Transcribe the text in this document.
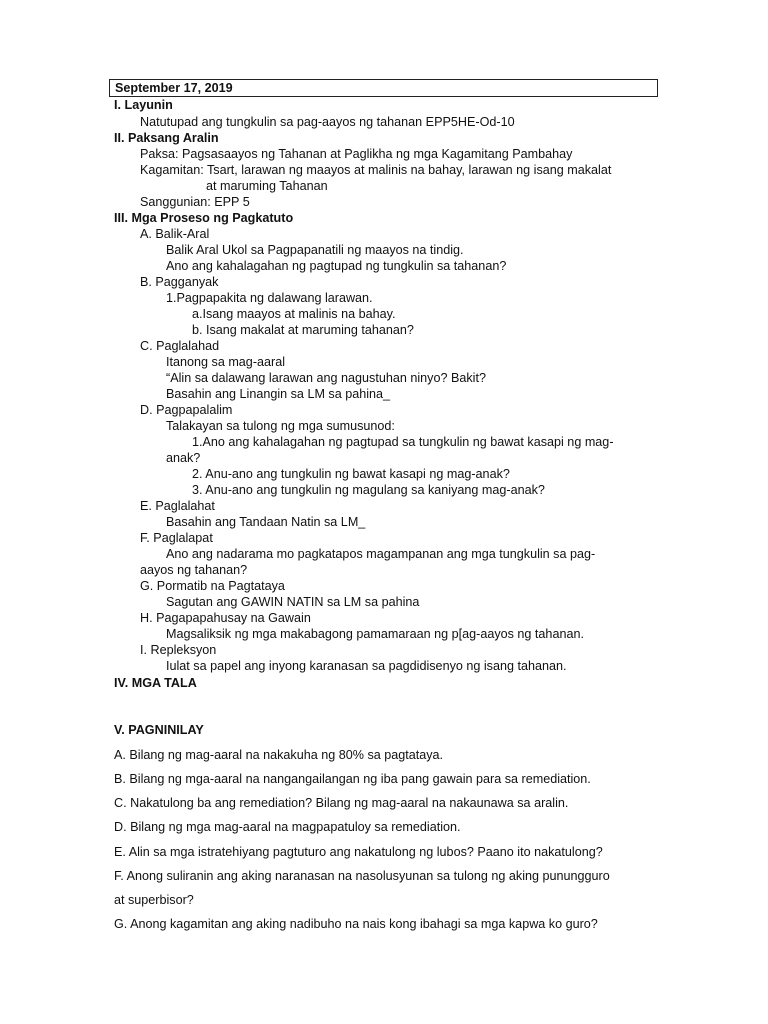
September 17, 2019
I. Layunin
Natutupad ang tungkulin sa pag-aayos ng tahanan EPP5HE-Od-10
II. Paksang Aralin
Paksa: Pagsasaayos ng Tahanan at Paglikha ng mga Kagamitang Pambahay
Kagamitan: Tsart, larawan ng maayos at malinis na bahay, larawan ng isang makalat
at maruming Tahanan
Sanggunian: EPP 5
III. Mga Proseso ng Pagkatuto
A. Balik-Aral
Balik Aral Ukol sa Pagpapanatili ng maayos na tindig.
Ano ang kahalagahan ng pagtupad ng tungkulin sa tahanan?
B. Pagganyak
1.Pagpapakita ng dalawang larawan.
a.Isang maayos at malinis na bahay.
b. Isang makalat at maruming tahanan?
C. Paglalahad
Itanong sa mag-aaral
“Alin sa dalawang larawan ang nagustuhan ninyo? Bakit?
Basahin ang Linangin sa LM sa pahina_
D. Pagpapalalim
Talakayan sa tulong ng mga sumusunod:
1.Ano ang kahalagahan ng pagtupad sa tungkulin ng bawat kasapi ng mag-
anak?
2. Anu-ano ang tungkulin ng bawat kasapi ng mag-anak?
3. Anu-ano ang tungkulin ng magulang sa kaniyang mag-anak?
E. Paglalahat
Basahin ang Tandaan Natin sa LM_
F. Paglalapat
Ano ang nadarama mo pagkatapos magampanan ang mga tungkulin sa pag-
aayos ng tahanan?
G. Pormatib na Pagtataya
Sagutan ang GAWIN NATIN sa LM sa pahina
H. Pagapapahusay na Gawain
Magsaliksik ng mga makabagong pamamaraan ng p[ag-aayos ng tahanan.
I. Repleksyon
Iulat sa papel ang inyong karanasan sa pagdidisenyo ng isang tahanan.
IV. MGA TALA
V. PAGNINILAY
A. Bilang ng mag-aaral na nakakuha ng 80% sa pagtataya.
B. Bilang ng mga-aaral na nangangailangan ng iba pang gawain para sa remediation.
C. Nakatulong ba ang remediation? Bilang ng mag-aaral na nakaunawa sa aralin.
D. Bilang ng mga mag-aaral na magpapatuloy sa remediation.
E. Alin sa mga istratehiyang pagtuturo ang nakatulong ng lubos? Paano ito nakatulong?
F. Anong suliranin ang aking naranasan na nasolusyunan sa tulong ng aking punungguro
at superbisor?
G. Anong kagamitan ang aking nadibuho na nais kong ibahagi sa mga kapwa ko guro?
